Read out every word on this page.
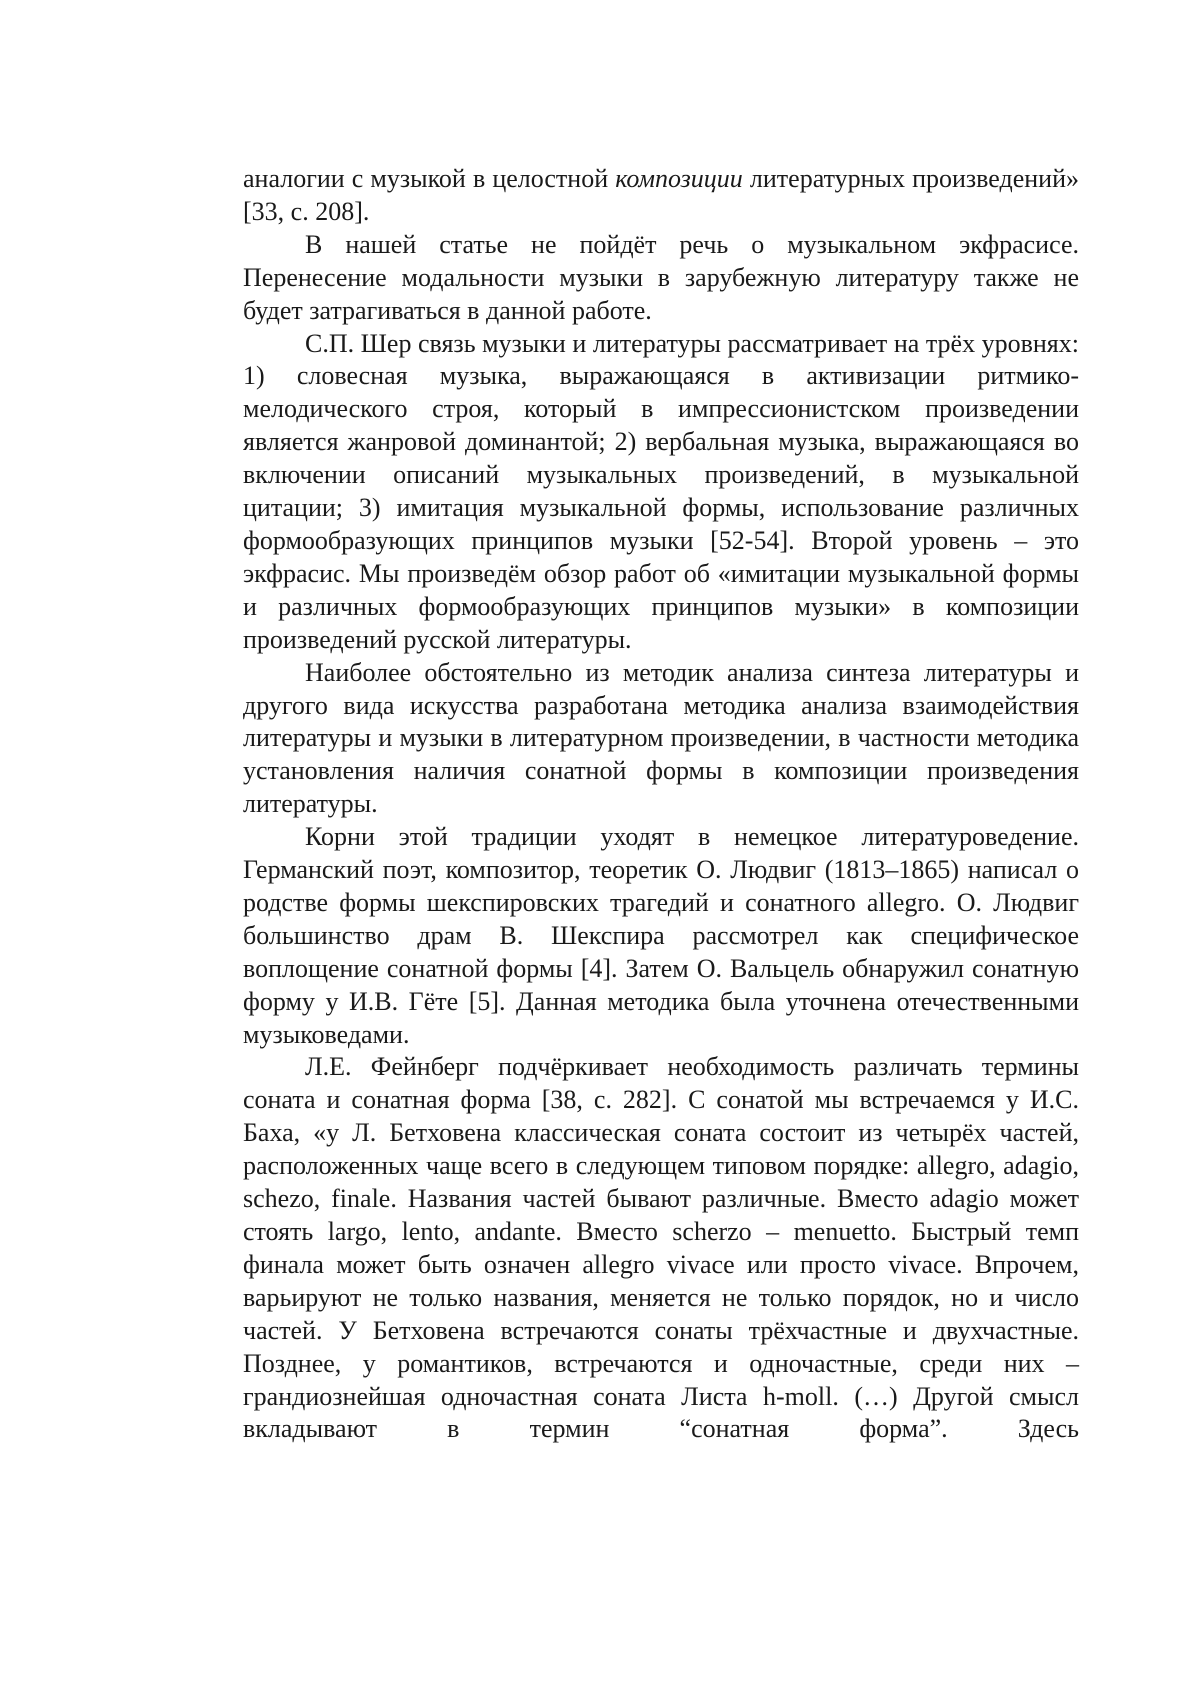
аналогии с музыкой в целостной композиции литературных произведений» [33, с. 208].

В нашей статье не пойдёт речь о музыкальном экфрасисе. Перенесение модальности музыки в зарубежную литературу также не будет затрагиваться в данной работе.

С.П. Шер связь музыки и литературы рассматривает на трёх уровнях: 1) словесная музыка, выражающаяся в активизации ритмико-мелодического строя, который в импрессионистском произведении является жанровой доминантой; 2) вербальная музыка, выражающаяся во включении описаний музыкальных произведений, в музыкальной цитации; 3) имитация музыкальной формы, использование различных формообразующих принципов музыки [52-54]. Второй уровень – это экфрасис. Мы произведём обзор работ об «имитации музыкальной формы и различных формообразующих принципов музыки» в композиции произведений русской литературы.

Наиболее обстоятельно из методик анализа синтеза литературы и другого вида искусства разработана методика анализа взаимодействия литературы и музыки в литературном произведении, в частности методика установления наличия сонатной формы в композиции произведения литературы.

Корни этой традиции уходят в немецкое литературоведение. Германский поэт, композитор, теоретик О. Людвиг (1813–1865) написал о родстве формы шекспировских трагедий и сонатного allegro. О. Людвиг большинство драм В. Шекспира рассмотрел как специфическое воплощение сонатной формы [4]. Затем О. Вальцель обнаружил сонатную форму у И.В. Гёте [5]. Данная методика была уточнена отечественными музыковедами.

Л.Е. Фейнберг подчёркивает необходимость различать термины соната и сонатная форма [38, с. 282]. С сонатой мы встречаемся у И.С. Баха, «у Л. Бетховена классическая соната состоит из четырёх частей, расположенных чаще всего в следующем типовом порядке: allegro, adagio, schezo, finale. Названия частей бывают различные. Вместо adagio может стоять largo, lento, andante. Вместо scherzo – menuetto. Быстрый темп финала может быть означен allegro vivace или просто vivace. Впрочем, варьируют не только названия, меняется не только порядок, но и число частей. У Бетховена встречаются сонаты трёхчастные и двухчастные. Позднее, у романтиков, встречаются и одночастные, среди них – грандиознейшая одночастная соната Листа h-moll. (…) Другой смысл вкладывают в термин “сонатная форма”. Здесь
